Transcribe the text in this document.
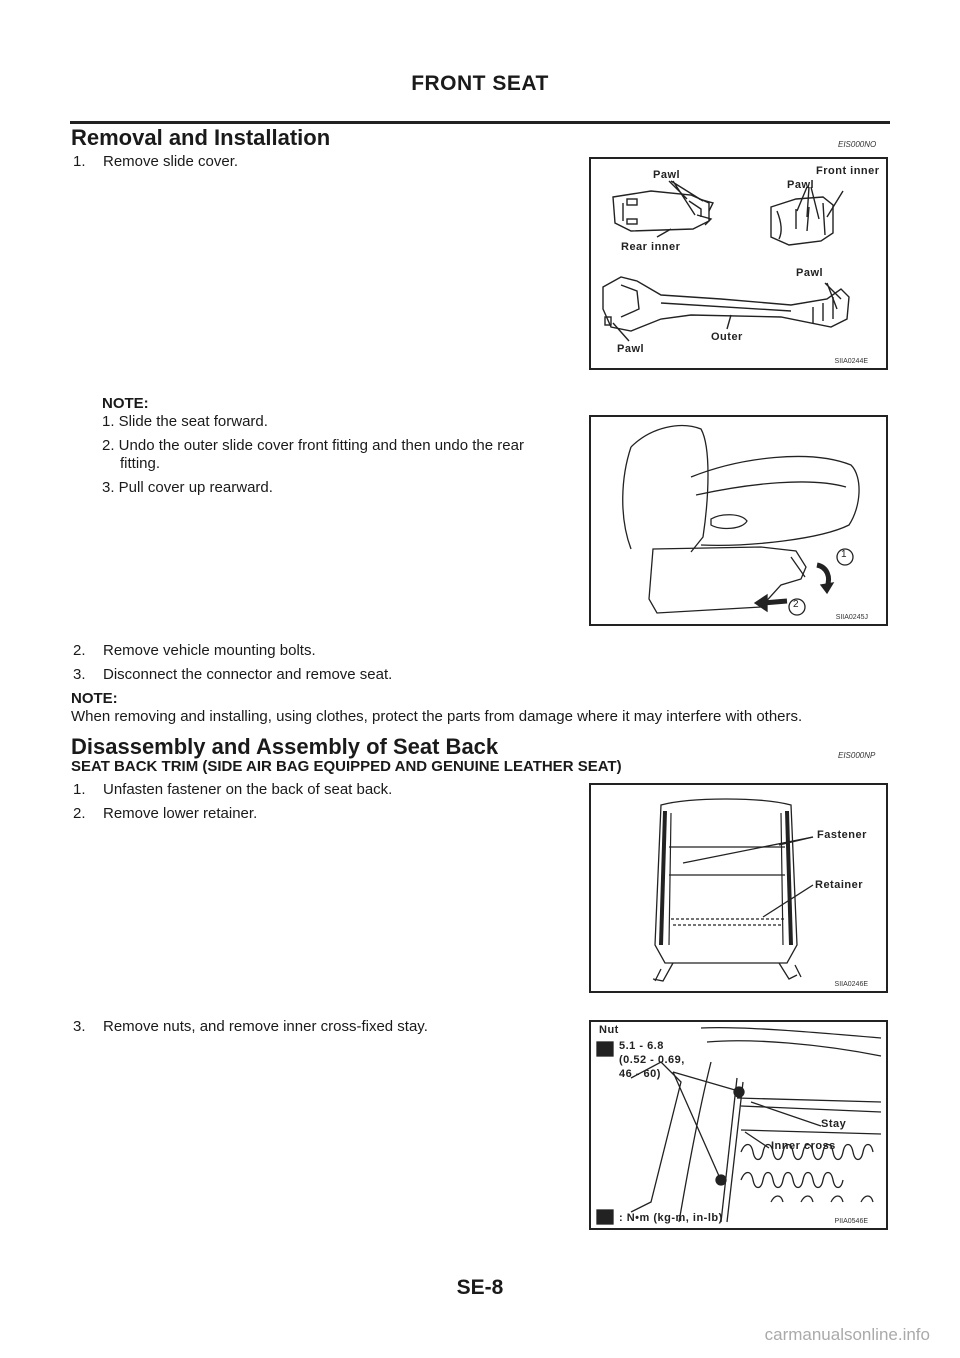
FRONT SEAT
Removal and Installation	EIS000NO
1. Remove slide cover.
Pawl	Front inner
Pawl
Rear inner
Pawl
Outer
Pawl
SIIA0244E
NOTE:
1. Slide the seat forward.
2. Undo the outer slide cover front fitting and then undo the rear
fitting.
3. Pull cover up rearward.
1
2
SIIA0245J
2. Remove vehicle mounting bolts.
3. Disconnect the connector and remove seat.
NOTE:
When removing and installing, using clothes, protect the parts from damage where it may interfere with others.
Disassembly and Assembly of Seat Back	EIS000NP
SEAT BACK TRIM (SIDE AIR BAG EQUIPPED AND GENUINE LEATHER SEAT)
1. Unfasten fastener on the back of seat back.
2. Remove lower retainer.
Fastener
Retainer
SIIA0246E
3. Remove nuts, and remove inner cross-fixed stay.	Nut
5.1 - 6.8
(0.52 - 0.69,
46 - 60)
Stay
Inner cross
: N•m (kg-m, in-lb)	PIIA0546E
SE-8
carmanualsonline.info
